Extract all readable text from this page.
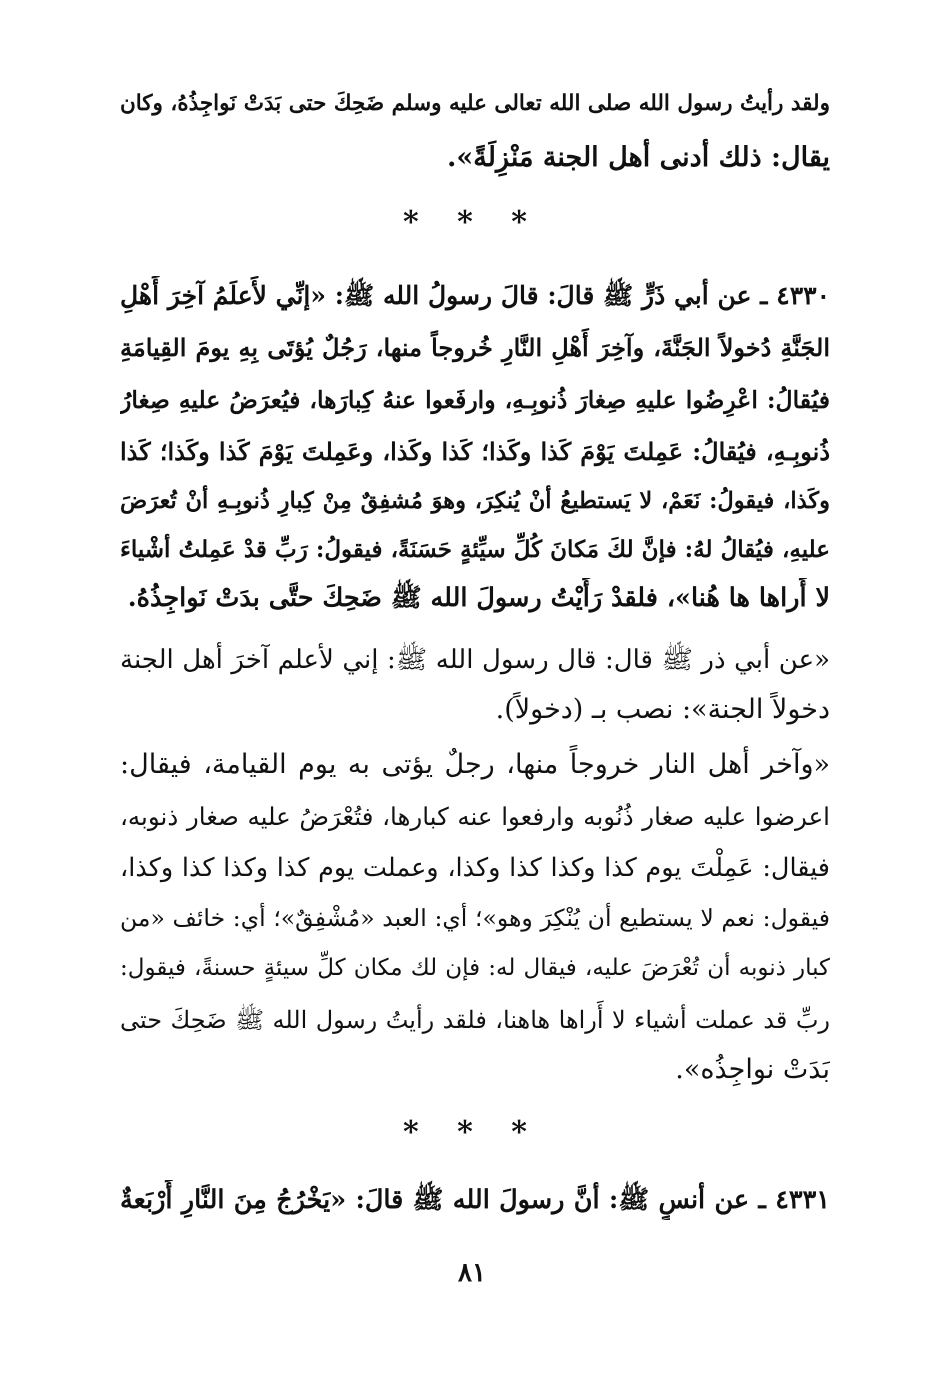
ولقد رأيتُ رسول الله صلى الله تعالى عليه وسلم ضَحِكَ حتى بَدَتْ نَواجِذُهُ، وكان
يقال: ذلك أدنى أهل الجنة مَنْزِلَةً».
* * *
٤٣٣٠ ـ عن أبي ذَرٍّ ﷺ قالَ: قالَ رسولُ الله ﷺ: «إنِّي لأَعلَمُ آخِرَ أَهْلِ
الجَنَّةِ دُخولاً الجَنَّةَ، وآخِرَ أَهْلِ النَّارِ خُروجاً منها، رَجُلٌ يُؤتَى بِهِ يومَ القِيامَةِ
فيُقالُ: اعْرِضُوا عليهِ صِغارَ ذُنوبِـهِ، وارفَعوا عنهُ كِبارَها، فيُعرَضُ عليهِ صِغارُ
ذُنوبِـهِ، فيُقالُ: عَمِلتَ يَوْمَ كَذا وكَذا؛ كَذا وكَذا، وعَمِلتَ يَوْمَ كَذا وكَذا؛ كَذا
وكَذا، فيقولُ: نَعَمْ، لا يَستطيعُ أنْ يُنكِرَ، وهوَ مُشفِقٌ مِنْ كِبارِ ذُنوبِـهِ أنْ تُعرَضَ
عليهِ، فيُقالُ لهُ: فإنَّ لكَ مَكانَ كُلِّ سيِّئةٍ حَسَنَةً، فيقولُ: رَبِّ قدْ عَمِلتُ أشْياءَ
لا أَراها ها هُنا»، فلقدْ رَأَيْتُ رسولَ الله ﷺ ضَحِكَ حتَّى بدَتْ نَواجِذُهُ.
«عن أبي ذر ﷺ قال: قال رسول الله ﷺ: إني لأعلم آخرَ أهل الجنة
دخولاً الجنة»: نصب بـ (دخولاً).
«وآخر أهل النار خروجاً منها، رجلٌ يؤتى به يوم القيامة، فيقال:
اعرضوا عليه صغار ذُنُوبه وارفعوا عنه كبارها، فتُعْرَضُ عليه صغار ذنوبه،
فيقال: عَمِلْتَ يوم كذا وكذا كذا وكذا، وعملت يوم كذا وكذا كذا وكذا،
فيقول: نعم لا يستطيع أن يُنْكِرَ وهو»؛ أي: العبد «مُشْفِقٌ»؛ أي: خائف «من
كبار ذنوبه أن تُعْرَضَ عليه، فيقال له: فإن لك مكان كلِّ سيئةٍ حسنةً، فيقول:
ربِّ قد عملت أشياء لا أَراها هاهنا، فلقد رأيتُ رسول الله ﷺ ضَحِكَ حتى
بَدَتْ نواجِذُه».
* * *
٤٣٣١ ـ عن أنسٍ ﷺ: أنَّ رسولَ الله ﷺ قالَ: «يَخْرُجُ مِنَ النَّارِ أَرْبَعةٌ
٨١
